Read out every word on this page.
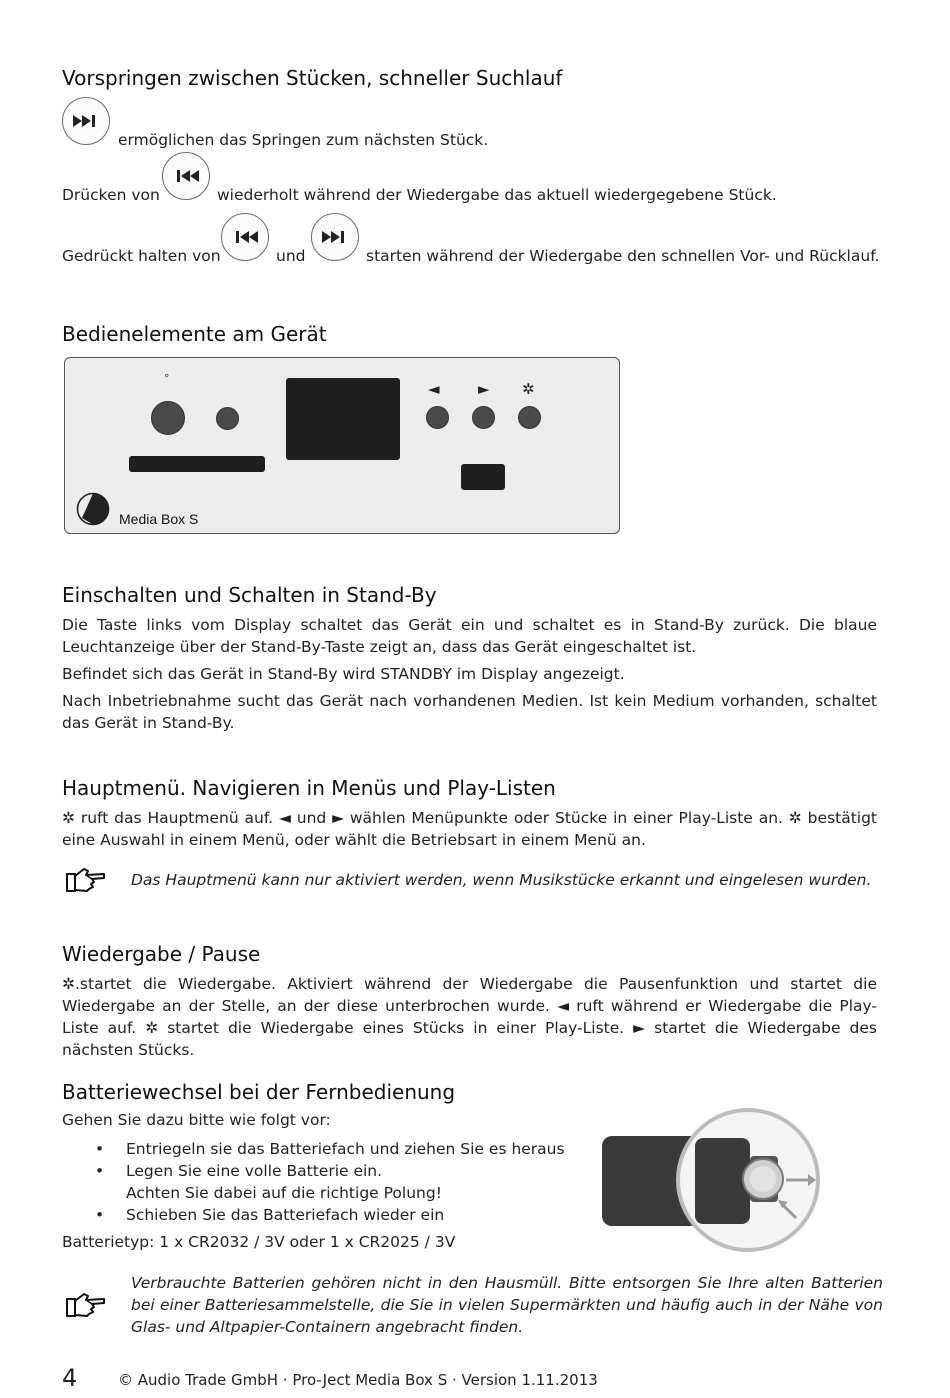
Vorspringen zwischen Stücken, schneller Suchlauf
ermöglichen das Springen zum nächsten Stück.
Drücken von	wiederholt während der Wiedergabe das aktuell wiedergegebene Stück.
Gedrückt halten von	und	starten während der Wiedergabe den schnellen Vor- und Rücklauf.
Bedienelemente am Gerät
°
◄	► ✲
Media Box S
Einschalten und Schalten in Stand-By
Die Taste links vom Display schaltet das Gerät ein und schaltet es in Stand-By zurück. Die blaue Leuchtanzeige über der Stand-By-Taste zeigt an, dass das Gerät eingeschaltet ist.
Befindet sich das Gerät in Stand-By wird STANDBY im Display angezeigt.
Nach Inbetriebnahme sucht das Gerät nach vorhandenen Medien. Ist kein Medium vorhanden, schaltet das Gerät in Stand-By.
Hauptmenü. Navigieren in Menüs und Play-Listen
✲ ruft das Hauptmenü auf. ◄ und ► wählen Menüpunkte oder Stücke in einer Play-Liste an. ✲ bestätigt eine Auswahl in einem Menü, oder wählt die Betriebsart in einem Menü an.
Das Hauptmenü kann nur aktiviert werden, wenn Musikstücke erkannt und eingelesen wurden.
Wiedergabe / Pause
✲.startet die Wiedergabe. Aktiviert während der Wiedergabe die Pausenfunktion und startet die Wiedergabe an der Stelle, an der diese unterbrochen wurde. ◄ ruft während er Wiedergabe die Play-Liste auf. ✲ startet die Wiedergabe eines Stücks in einer Play-Liste. ► startet die Wiedergabe des nächsten Stücks.
Batteriewechsel bei der Fernbedienung
Gehen Sie dazu bitte wie folgt vor:
• Entriegeln sie das Batteriefach und ziehen Sie es heraus
• Legen Sie eine volle Batterie ein.
Achten Sie dabei auf die richtige Polung!
• Schieben Sie das Batteriefach wieder ein
Batterietyp: 1 x CR2032 / 3V oder 1 x CR2025 / 3V
Verbrauchte Batterien gehören nicht in den Hausmüll. Bitte entsorgen Sie Ihre alten Batterien bei einer Batteriesammelstelle, die Sie in vielen Supermärkten und häufig auch in der Nähe von Glas- und Altpapier-Containern angebracht finden.
4	© Audio Trade GmbH · Pro-Ject Media Box S · Version 1.11.2013
